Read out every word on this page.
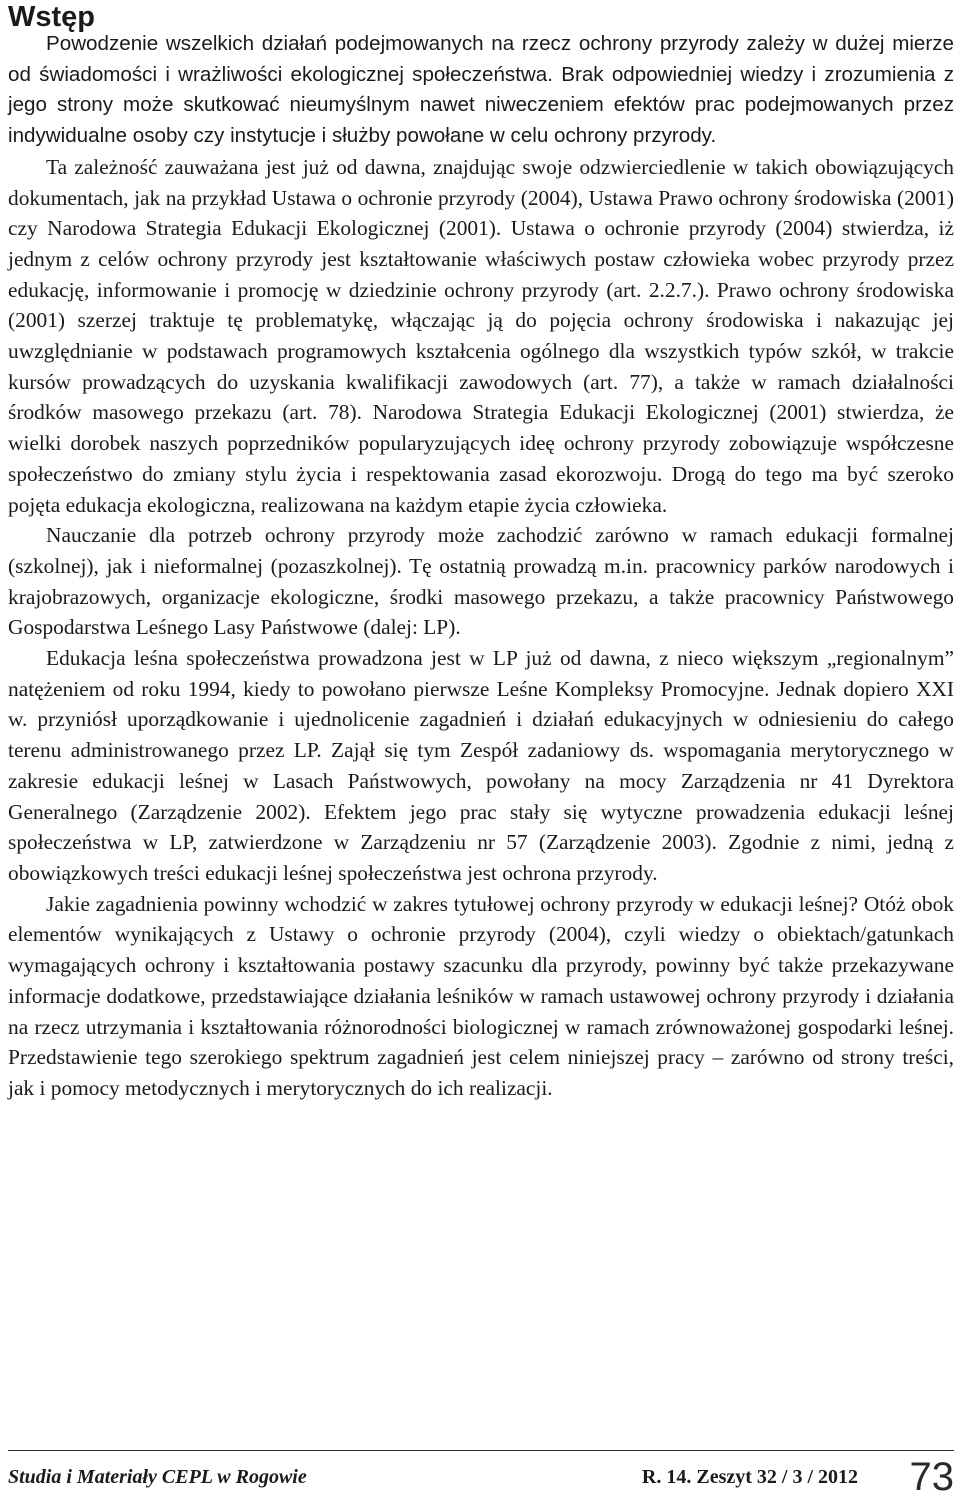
Wstęp

Powodzenie wszelkich działań podejmowanych na rzecz ochrony przyrody zależy w dużej mierze od świadomości i wrażliwości ekologicznej społeczeństwa. Brak odpowiedniej wiedzy i zrozumienia z jego strony może skutkować nieumyślnym nawet niweczeniem efektów prac podejmowanych przez indywidualne osoby czy instytucje i służby powołane w celu ochrony przyrody.

Ta zależność zauważana jest już od dawna, znajdując swoje odzwierciedlenie w takich obowiązujących dokumentach, jak na przykład Ustawa o ochronie przyrody (2004), Ustawa Prawo ochrony środowiska (2001) czy Narodowa Strategia Edukacji Ekologicznej (2001). Ustawa o ochronie przyrody (2004) stwierdza, iż jednym z celów ochrony przyrody jest kształtowanie właściwych postaw człowieka wobec przyrody przez edukację, informowanie i promocję w dziedzinie ochrony przyrody (art. 2.2.7.). Prawo ochrony środowiska (2001) szerzej traktuje tę problematykę, włączając ją do pojęcia ochrony środowiska i nakazując jej uwzględnianie w podstawach programowych kształcenia ogólnego dla wszystkich typów szkół, w trakcie kursów prowadzących do uzyskania kwalifikacji zawodowych (art. 77), a także w ramach działalności środków masowego przekazu (art. 78). Narodowa Strategia Edukacji Ekologicznej (2001) stwierdza, że wielki dorobek naszych poprzedników popularyzujących ideę ochrony przyrody zobowiązuje współczesne społeczeństwo do zmiany stylu życia i respektowania zasad ekorozwoju. Drogą do tego ma być szeroko pojęta edukacja ekologiczna, realizowana na każdym etapie życia człowieka.

Nauczanie dla potrzeb ochrony przyrody może zachodzić zarówno w ramach edukacji formalnej (szkolnej), jak i nieformalnej (pozaszkolnej). Tę ostatnią prowadzą m.in. pracownicy parków narodowych i krajobrazowych, organizacje ekologiczne, środki masowego przekazu, a także pracownicy Państwowego Gospodarstwa Leśnego Lasy Państwowe (dalej: LP).

Edukacja leśna społeczeństwa prowadzona jest w LP już od dawna, z nieco większym „regionalnym” natężeniem od roku 1994, kiedy to powołano pierwsze Leśne Kompleksy Promocyjne. Jednak dopiero XXI w. przyniósł uporządkowanie i ujednolicenie zagadnień i działań edukacyjnych w odniesieniu do całego terenu administrowanego przez LP. Zajął się tym Zespół zadaniowy ds. wspomagania merytorycznego w zakresie edukacji leśnej w Lasach Państwowych, powołany na mocy Zarządzenia nr 41 Dyrektora Generalnego (Zarządzenie 2002). Efektem jego prac stały się wytyczne prowadzenia edukacji leśnej społeczeństwa w LP, zatwierdzone w Zarządzeniu nr 57 (Zarządzenie 2003). Zgodnie z nimi, jedną z obowiązkowych treści edukacji leśnej społeczeństwa jest ochrona przyrody.

Jakie zagadnienia powinny wchodzić w zakres tytułowej ochrony przyrody w edukacji leśnej? Otóż obok elementów wynikających z Ustawy o ochronie przyrody (2004), czyli wiedzy o obiektach/gatunkach wymagających ochrony i kształtowania postawy szacunku dla przyrody, powinny być także przekazywane informacje dodatkowe, przedstawiające działania leśników w ramach ustawowej ochrony przyrody i działania na rzecz utrzymania i kształtowania różnorodności biologicznej w ramach zrównoważonej gospodarki leśnej. Przedstawienie tego szerokiego spektrum zagadnień jest celem niniejszej pracy – zarówno od strony treści, jak i pomocy metodycznych i merytorycznych do ich realizacji.

Studia i Materiały CEPL w Rogowie	R. 14. Zeszyt 32 / 3 / 2012 73
